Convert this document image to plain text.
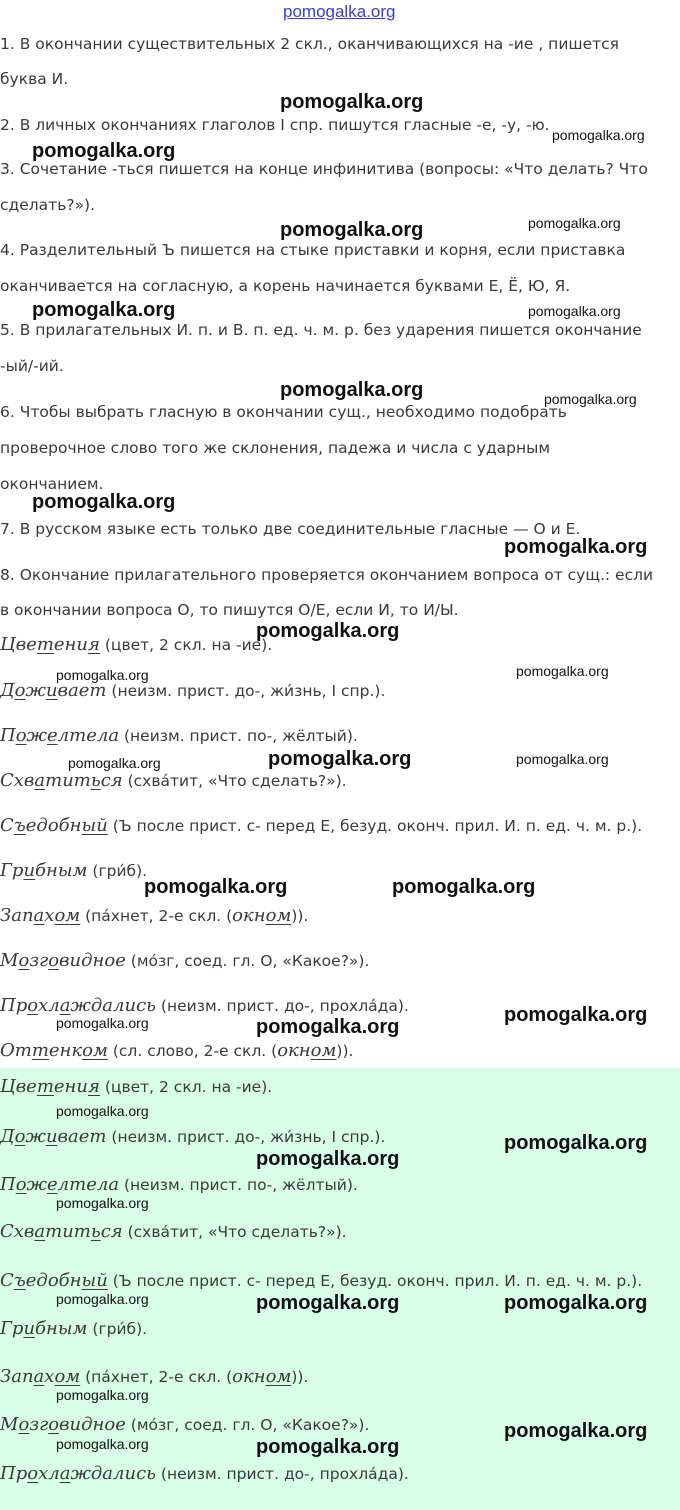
pomogalka.org
1. В окончании существительных 2 скл., оканчивающихся на -ие , пишется
буква И.
2. В личных окончаниях глаголов I спр. пишутся гласные -е, -у, -ю.
3. Сочетание -ться пишется на конце инфинитива (вопросы: «Что делать? Что
сделать?»).
4. Разделительный Ъ пишется на стыке приставки и корня, если приставка
оканчивается на согласную, а корень начинается буквами Е, Ё, Ю, Я.
5. В прилагательных И. п. и В. п. ед. ч. м. р. без ударения пишется окончание
-ый/-ий.
6. Чтобы выбрать гласную в окончании сущ., необходимо подобрать
проверочное слово того же склонения, падежа и числа с ударным
окончанием.
7. В русском языке есть только две соединительные гласные — О и Е.
8. Окончание прилагательного проверяется окончанием вопроса от сущ.: если
в окончании вопроса О, то пишутся О/Е, если И, то И/Ы.
Цветения (цвет, 2 скл. на -ие).
Доживает (неизм. прист. до-, жи́знь, I спр.).
Пожелтела (неизм. прист. по-, жёлтый).
Схватиться (схва́тит, «Что сделать?»).
Съедобный (Ъ после прист. с- перед Е, безуд. оконч. прил. И. п. ед. ч. м. р.).
Грибным (гри́б).
Запахом (па́хнет, 2-е скл. (окном)).
Мозговидное (мо́зг, соед. гл. О, «Какое?»).
Прохлаждались (неизм. прист. до-, прохла́да).
Оттенком (сл. слово, 2-е скл. (окном)).
Цветения (цвет, 2 скл. на -ие).
Доживает (неизм. прист. до-, жи́знь, I спр.).
Пожелтела (неизм. прист. по-, жёлтый).
Схватиться (схва́тит, «Что сделать?»).
Съедобный (Ъ после прист. с- перед Е, безуд. оконч. прил. И. п. ед. ч. м. р.).
Грибным (гри́б).
Запахом (па́хнет, 2-е скл. (окном)).
Мозговидное (мо́зг, соед. гл. О, «Какое?»).
Прохлаждались (неизм. прист. до-, прохла́да).
pomogalka.org
pomogalka.org
pomogalka.org
pomogalka.org
pomogalka.org
pomogalka.org	pomogalka.org
pomogalka.org	pomogalka.org
pomogalka.org
pomogalka.org
pomogalka.org
pomogalka.org	pomogalka.org
pomogalka.org
pomogalka.org	pomogalka.org
pomogalka.org	pomogalka.org
pomogalka.org	pomogalka.org
pomogalka.org
pomogalka.org
pomogalka.org
pomogalka.org
pomogalka.org
pomogalka.org	pomogalka.org	pomogalka.org
pomogalka.org
pomogalka.org
pomogalka.org
pomogalka.org
